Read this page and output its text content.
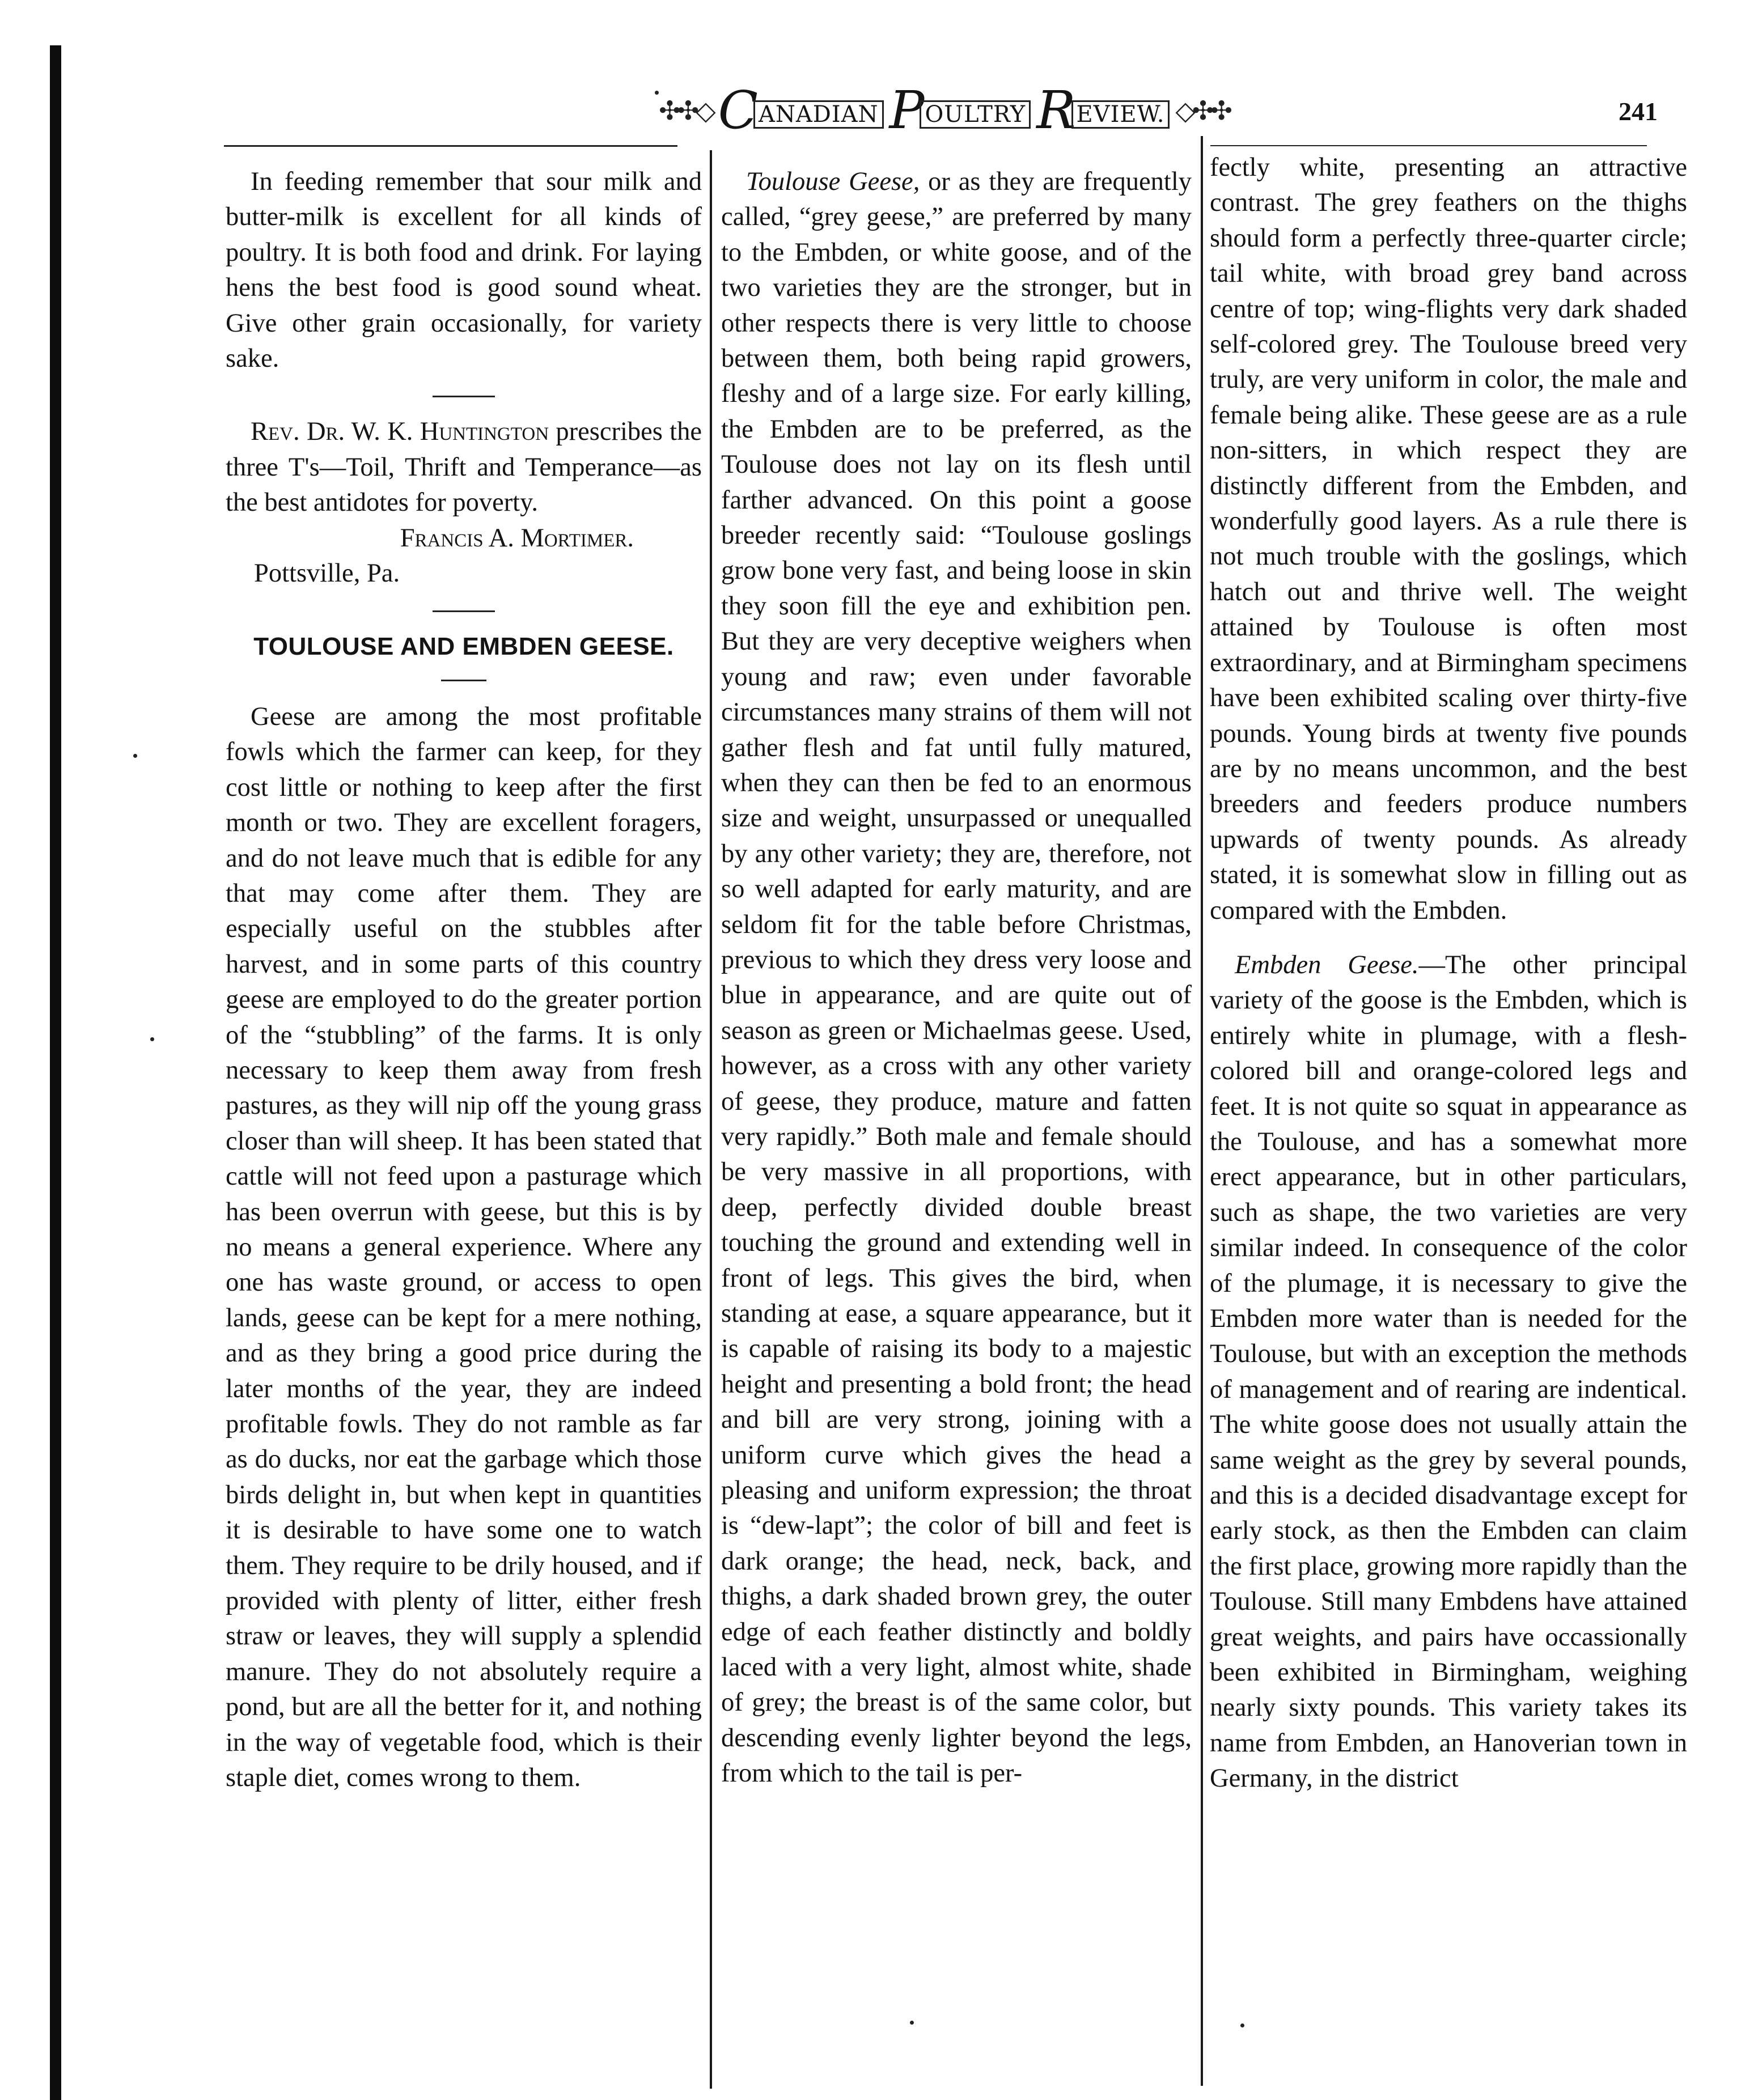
✣✣◇ C ANADIAN P OULTRY R EVIEW. ◇✣✣	241

In feeding remember that sour milk and butter-milk is excellent for all kinds of poultry. It is both food and drink. For laying hens the best food is good sound wheat. Give other grain occasionally, for variety sake.

Rev. Dr. W. K. Huntington prescribes the three T's—Toil, Thrift and Temperance—as the best antidotes for poverty.

Francis A. Mortimer.

Pottsville, Pa.

TOULOUSE AND EMBDEN GEESE.

Geese are among the most profitable fowls which the farmer can keep, for they cost little or nothing to keep after the first month or two. They are excellent foragers, and do not leave much that is edible for any that may come after them. They are especially useful on the stubbles after harvest, and in some parts of this country geese are employed to do the greater portion of the “stubbling” of the farms. It is only necessary to keep them away from fresh pastures, as they will nip off the young grass closer than will sheep. It has been stated that cattle will not feed upon a pasturage which has been overrun with geese, but this is by no means a general experience. Where any one has waste ground, or access to open lands, geese can be kept for a mere nothing, and as they bring a good price during the later months of the year, they are indeed profitable fowls. They do not ramble as far as do ducks, nor eat the garbage which those birds delight in, but when kept in quantities it is desirable to have some one to watch them. They require to be drily housed, and if provided with plenty of litter, either fresh straw or leaves, they will supply a splendid manure. They do not absolutely require a pond, but are all the better for it, and nothing in the way of vegetable food, which is their staple diet, comes wrong to them.

Toulouse Geese, or as they are frequently called, “grey geese,” are preferred by many to the Embden, or white goose, and of the two varieties they are the stronger, but in other respects there is very little to choose between them, both being rapid growers, fleshy and of a large size. For early killing, the Embden are to be preferred, as the Toulouse does not lay on its flesh until farther advanced. On this point a goose breeder recently said: “Toulouse goslings grow bone very fast, and being loose in skin they soon fill the eye and exhibition pen. But they are very deceptive weighers when young and raw; even under favorable circumstances many strains of them will not gather flesh and fat until fully matured, when they can then be fed to an enormous size and weight, unsurpassed or unequalled by any other variety; they are, therefore, not so well adapted for early maturity, and are seldom fit for the table before Christmas, previous to which they dress very loose and blue in appearance, and are quite out of season as green or Michaelmas geese. Used, however, as a cross with any other variety of geese, they produce, mature and fatten very rapidly.” Both male and female should be very massive in all proportions, with deep, perfectly divided double breast touching the ground and extending well in front of legs. This gives the bird, when standing at ease, a square appearance, but it is capable of raising its body to a majestic height and presenting a bold front; the head and bill are very strong, joining with a uniform curve which gives the head a pleasing and uniform expression; the throat is “dew-lapt”; the color of bill and feet is dark orange; the head, neck, back, and thighs, a dark shaded brown grey, the outer edge of each feather distinctly and boldly laced with a very light, almost white, shade of grey; the breast is of the same color, but descending evenly lighter beyond the legs, from which to the tail is per-

fectly white, presenting an attractive contrast. The grey feathers on the thighs should form a perfectly three-quarter circle; tail white, with broad grey band across centre of top; wing-flights very dark shaded self-colored grey. The Toulouse breed very truly, are very uniform in color, the male and female being alike. These geese are as a rule non-sitters, in which respect they are distinctly different from the Embden, and wonderfully good layers. As a rule there is not much trouble with the goslings, which hatch out and thrive well. The weight attained by Toulouse is often most extraordinary, and at Birmingham specimens have been exhibited scaling over thirty-five pounds. Young birds at twenty five pounds are by no means uncommon, and the best breeders and feeders produce numbers upwards of twenty pounds. As already stated, it is somewhat slow in filling out as compared with the Embden.

Embden Geese.—The other principal variety of the goose is the Embden, which is entirely white in plumage, with a flesh-colored bill and orange-colored legs and feet. It is not quite so squat in appearance as the Toulouse, and has a somewhat more erect appearance, but in other particulars, such as shape, the two varieties are very similar indeed. In consequence of the color of the plumage, it is necessary to give the Embden more water than is needed for the Toulouse, but with an exception the methods of management and of rearing are indentical. The white goose does not usually attain the same weight as the grey by several pounds, and this is a decided disadvantage except for early stock, as then the Embden can claim the first place, growing more rapidly than the Toulouse. Still many Embdens have attained great weights, and pairs have occassionally been exhibited in Birmingham, weighing nearly sixty pounds. This variety takes its name from Embden, an Hanoverian town in Germany, in the district
